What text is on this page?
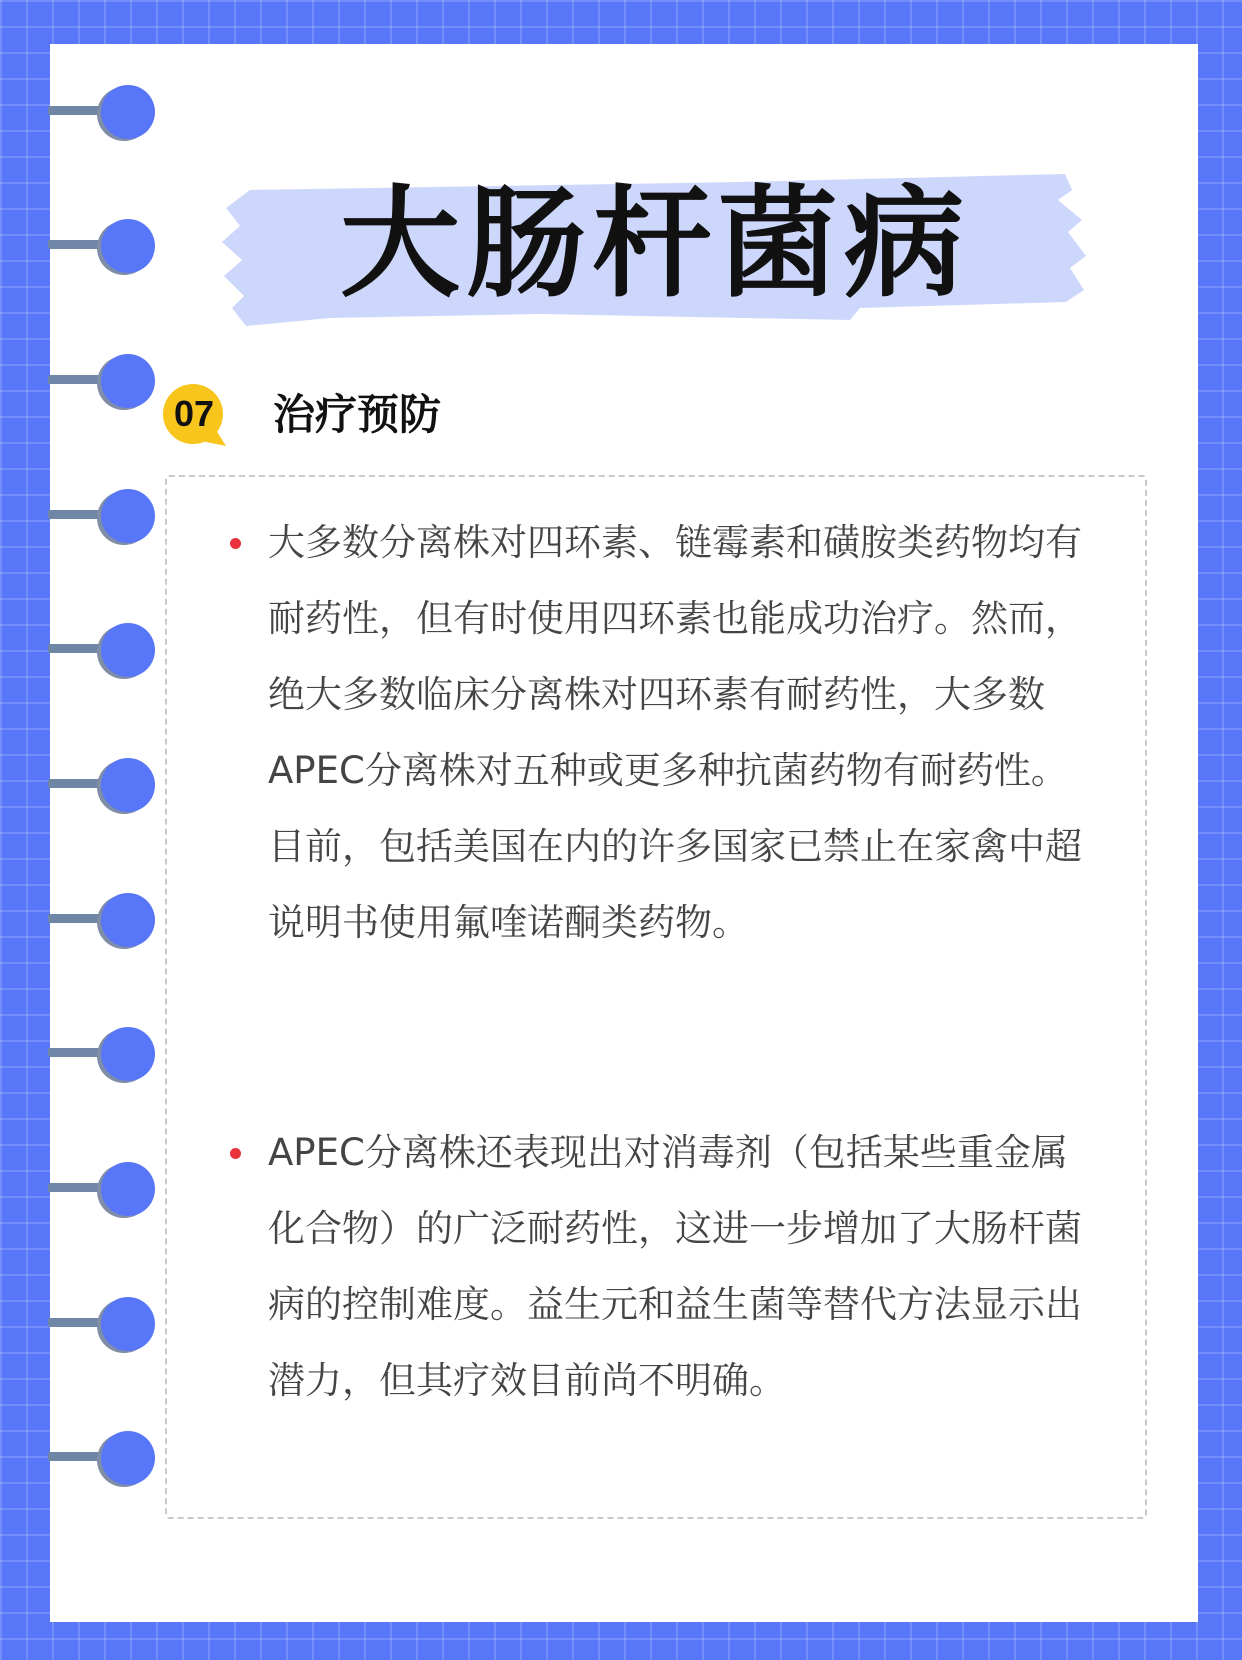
大肠杆菌病
07	治疗预防

大多数分离株对四环素、链霉素和磺胺类药物均有耐药性，但有时使用四环素也能成功治疗。然而，绝大多数临床分离株对四环素有耐药性，大多数APEC分离株对五种或更多种抗菌药物有耐药性。目前，包括美国在内的许多国家已禁止在家禽中超说明书使用氟喹诺酮类药物。

APEC分离株还表现出对消毒剂（包括某些重金属化合物）的广泛耐药性，这进一步增加了大肠杆菌病的控制难度。益生元和益生菌等替代方法显示出潜力，但其疗效目前尚不明确。
